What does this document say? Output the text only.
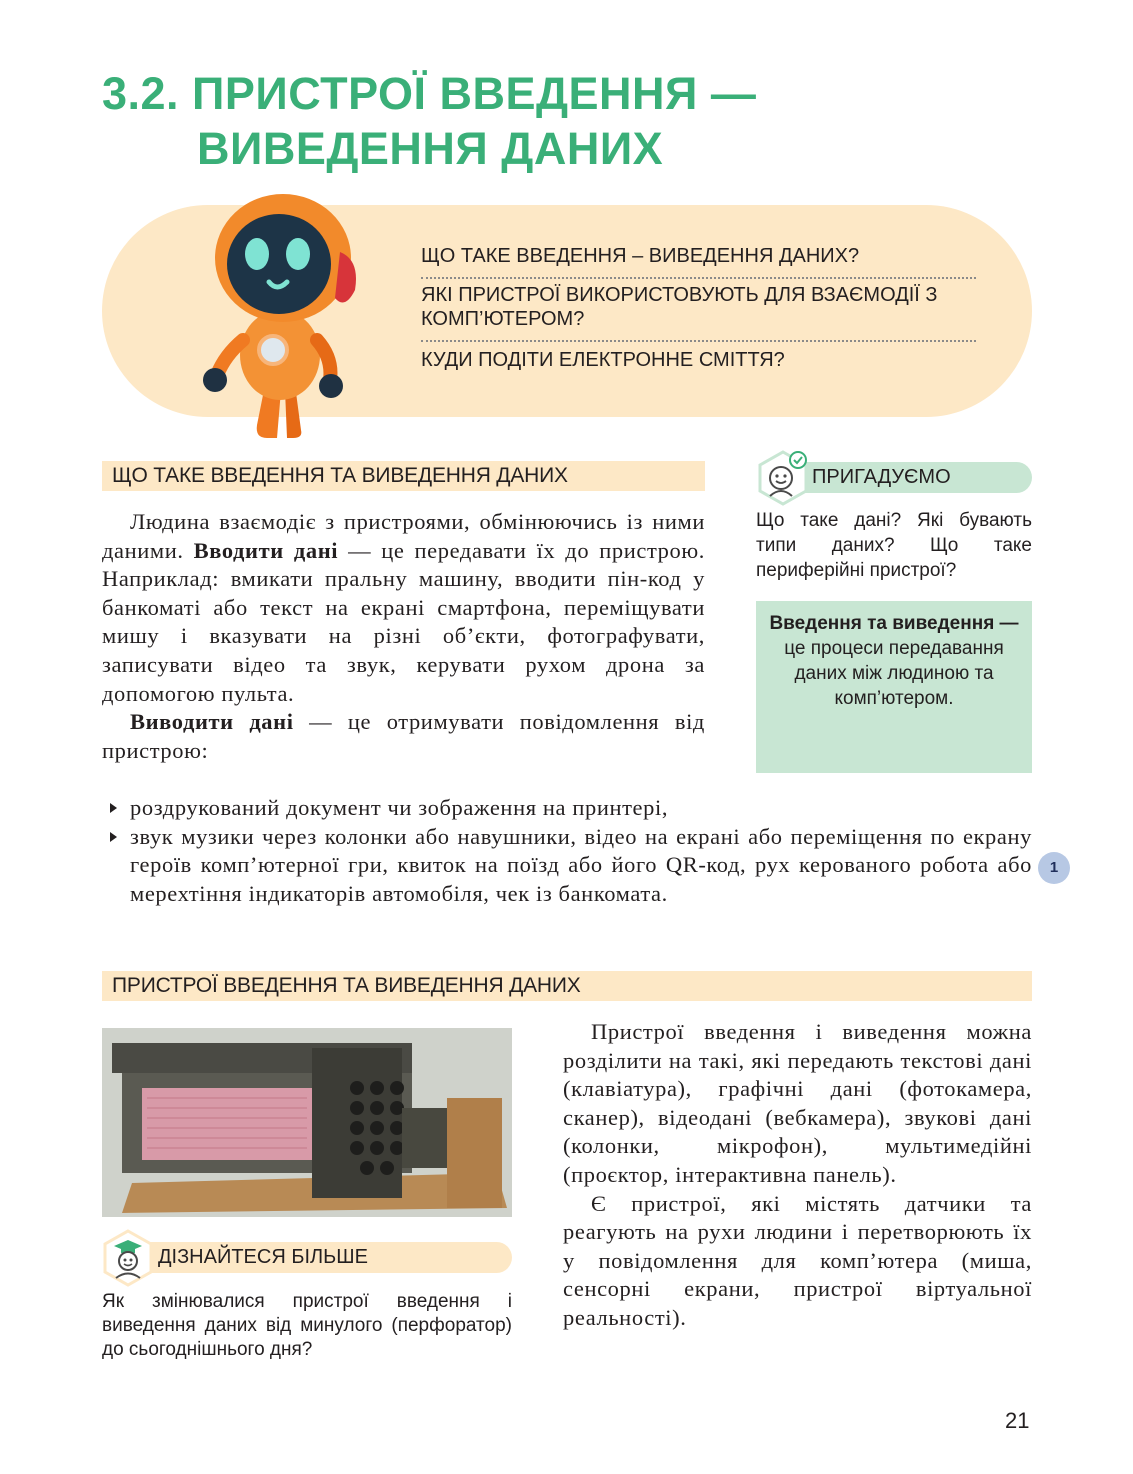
3.2. ПРИСТРОЇ ВВЕДЕННЯ —
ВИВЕДЕННЯ ДАНИХ
ЩО ТАКЕ ВВЕДЕННЯ – ВИВЕДЕННЯ ДАНИХ?
ЯКІ ПРИСТРОЇ ВИКОРИСТОВУЮТЬ ДЛЯ ВЗАЄМОДІЇ З КОМП’ЮТЕРОМ?
КУДИ ПОДІТИ ЕЛЕКТРОННЕ СМІТТЯ?
ЩО ТАКЕ ВВЕДЕННЯ ТА ВИВЕДЕННЯ ДАНИХ

Людина взаємодіє з пристроями, обмінюючись із ними даними. Вводити дані — це передавати їх до пристрою. Наприклад: вмикати пральну машину, вводити пін-код у банкоматі або текст на екрані смартфона, переміщувати мишу і вказувати на різні об’єкти, фотографувати, записувати відео та звук, керувати рухом дрона за допомогою пульта.

Виводити дані — це отримувати повідомлення від пристрою:

роздрукований документ чи зображення на принтері,
звук музики через колонки або навушники, відео на екрані або переміщення по екрану героїв комп’ютерної гри, квиток на поїзд або його QR-код, рух керованого робота або мерехтіння індикаторів автомобіля, чек із банкомата.
ПРИГАДУЄМО
Що таке дані? Які бувають типи даних? Що таке периферійні пристрої?
Введення та виведення —
це процеси передавання даних між людиною та комп’ютером.
1
ПРИСТРОЇ ВВЕДЕННЯ ТА ВИВЕДЕННЯ ДАНИХ
ДІЗНАЙТЕСЯ БІЛЬШЕ
Як змінювалися пристрої введення і виведення даних від минулого (перфоратор) до сьогоднішнього дня?

Пристрої введення і виведення можна розділити на такі, які передають текстові дані (клавіатура), графічні дані (фотокамера, сканер), відеодані (вебкамера), звукові дані (колонки, мікрофон), мультимедійні (проєктор, інтерактивна панель).

Є пристрої, які містять датчики та реагують на рухи людини і перетворюють їх у повідомлення для комп’ютера (миша, сенсорні екрани, пристрої віртуальної реальності).

21
